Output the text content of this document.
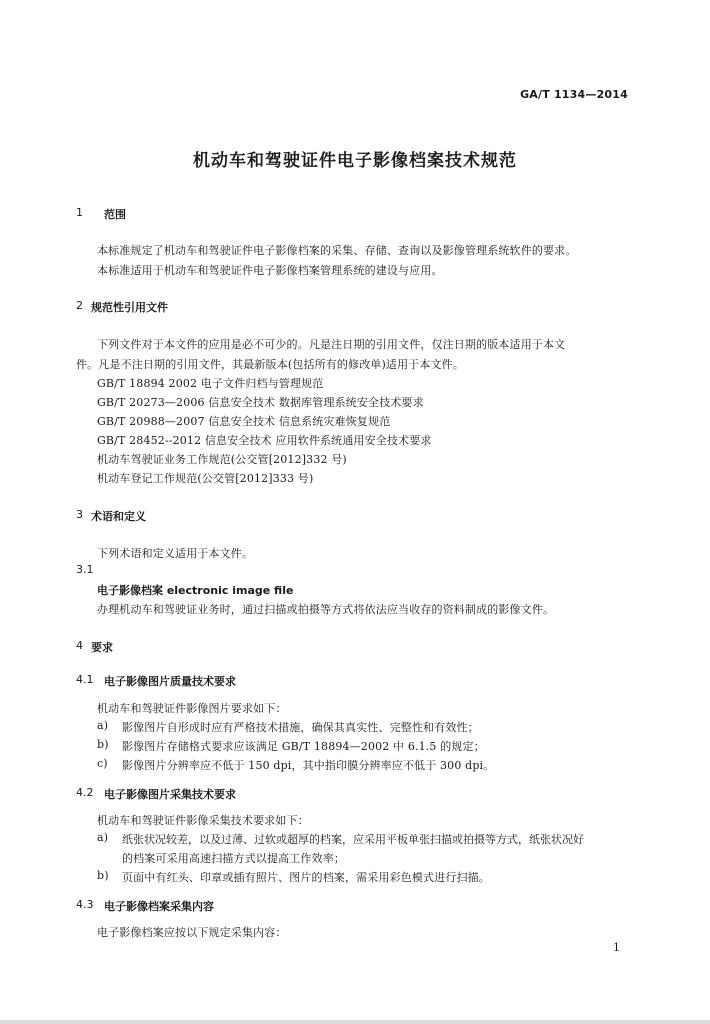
GA/T 1134—2014
机动车和驾驶证件电子影像档案技术规范
1 范围
本标准规定了机动车和驾驶证件电子影像档案的采集、存储、查询以及影像管理系统软件的要求。
本标准适用于机动车和驾驶证件电子影像档案管理系统的建设与应用。
2 规范性引用文件
下列文件对于本文件的应用是必不可少的。凡是注日期的引用文件，仅注日期的版本适用于本文
件。凡是不注日期的引用文件，其最新版本(包括所有的修改单)适用于本文件。
GB/T 18894 2002 电子文件归档与管理规范
GB/T 20273—2006 信息安全技术 数据库管理系统安全技术要求
GB/T 20988—2007 信息安全技术 信息系统灾难恢复规范
GB/T 28452--2012 信息安全技术 应用软件系统通用安全技术要求
机动车驾驶证业务工作规范(公交管[2012]332 号)
机动车登记工作规范(公交管[2012]333 号)
3 术语和定义
下列术语和定义适用于本文件。
3.1
电子影像档案 electronic image file
办理机动车和驾驶证业务时，通过扫描或拍摄等方式将依法应当收存的资料制成的影像文件。
4 要求
4.1 电子影像图片质量技术要求
机动车和驾驶证件影像图片要求如下：
a) 影像图片自形成时应有严格技术措施，确保其真实性、完整性和有效性；
b) 影像图片存储格式要求应该满足 GB/T 18894—2002 中 6.1.5 的规定；
c) 影像图片分辨率应不低于 150 dpi，其中指印膜分辨率应不低于 300 dpi。
4.2 电子影像图片采集技术要求
机动车和驾驶证件影像采集技术要求如下：
a) 纸张状况较差，以及过薄、过软或超厚的档案，应采用平板单张扫描或拍摄等方式，纸张状况好
的档案可采用高速扫描方式以提高工作效率；
b) 页面中有红头、印章或插有照片、图片的档案，需采用彩色模式进行扫描。
4.3 电子影像档案采集内容
电子影像档案应按以下规定采集内容：
1
